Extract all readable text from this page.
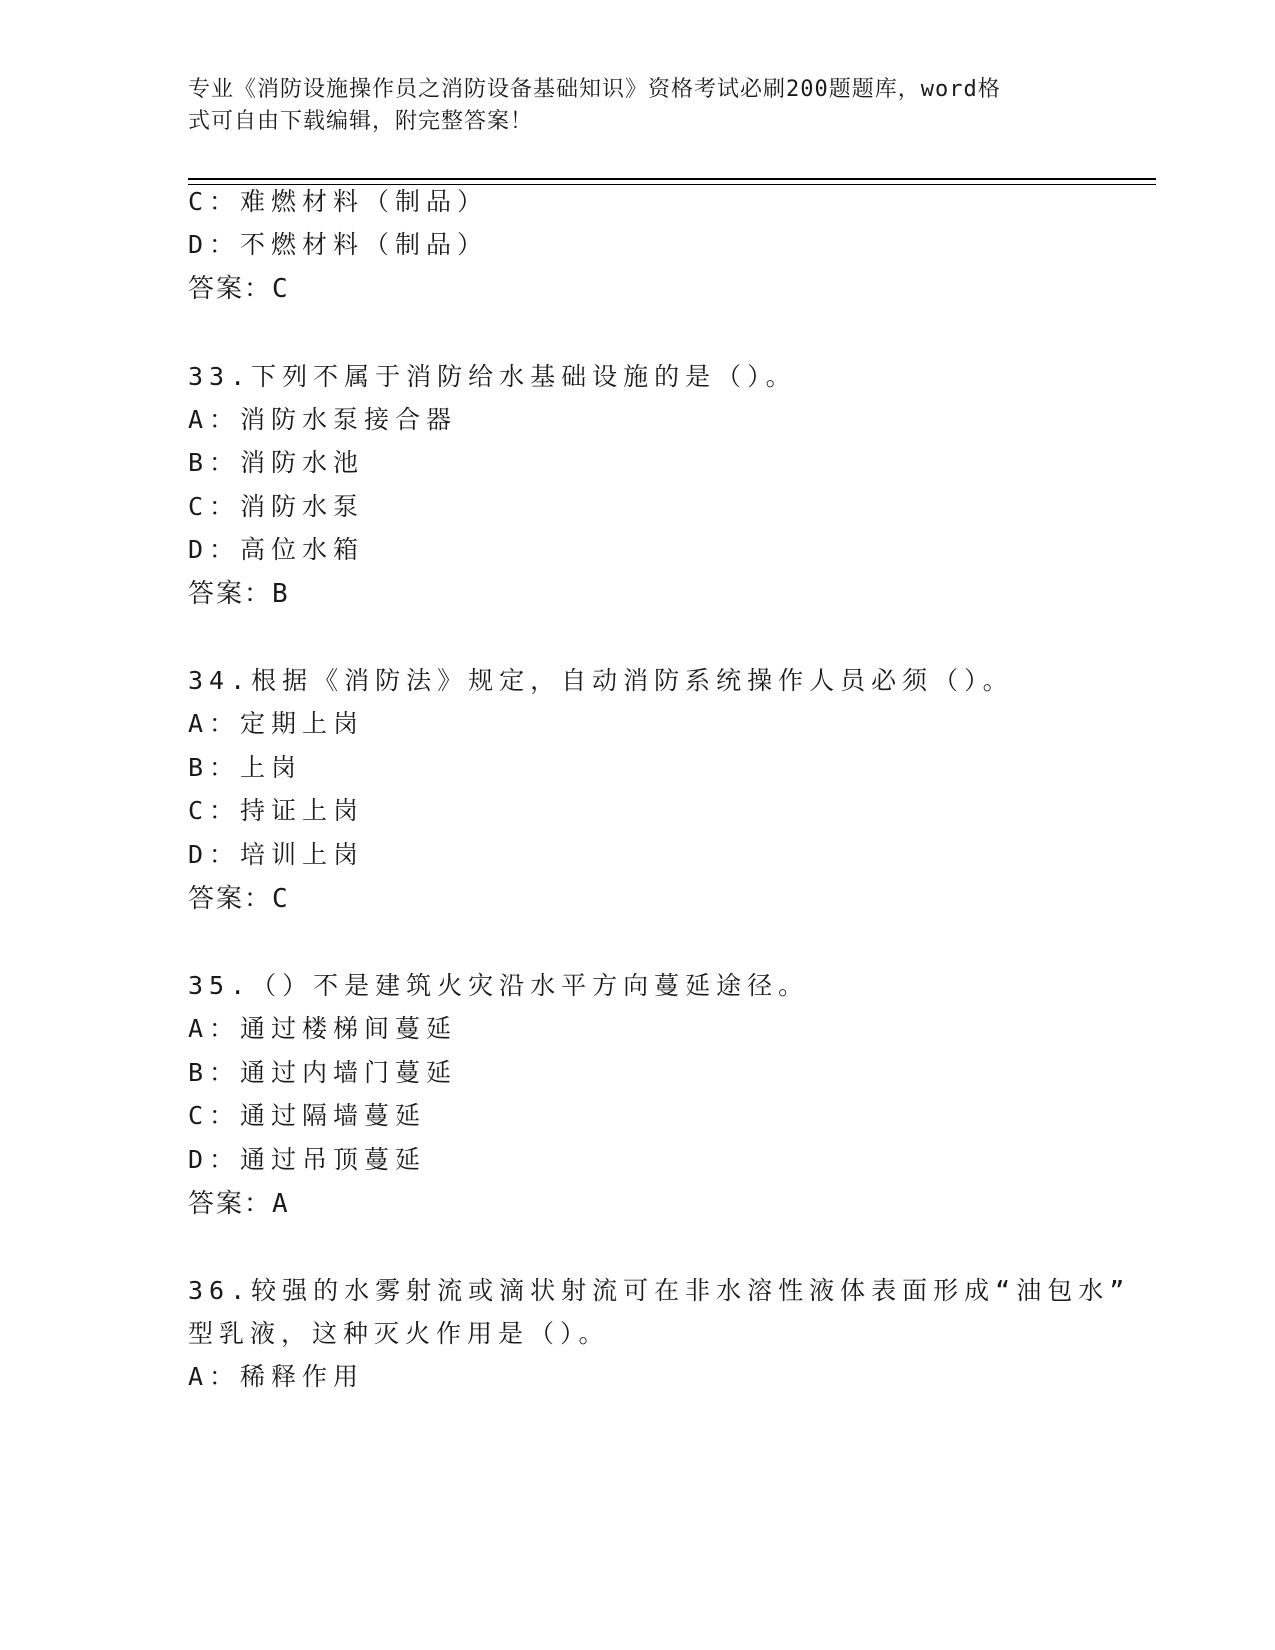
专业《消防设施操作员之消防设备基础知识》资格考试必刷200题题库，word格
式可自由下载编辑，附完整答案！
C：难燃材料（制品）
D：不燃材料（制品）
答案：C
33.下列不属于消防给水基础设施的是（）。
A：消防水泵接合器
B：消防水池
C：消防水泵
D：高位水箱
答案：B
34.根据《消防法》规定，自动消防系统操作人员必须（）。
A：定期上岗
B：上岗
C：持证上岗
D：培训上岗
答案：C
35.（）不是建筑火灾沿水平方向蔓延途径。
A：通过楼梯间蔓延
B：通过内墙门蔓延
C：通过隔墙蔓延
D：通过吊顶蔓延
答案：A
36.较强的水雾射流或滴状射流可在非水溶性液体表面形成“油包水”
型乳液，这种灭火作用是（）。
A：稀释作用
